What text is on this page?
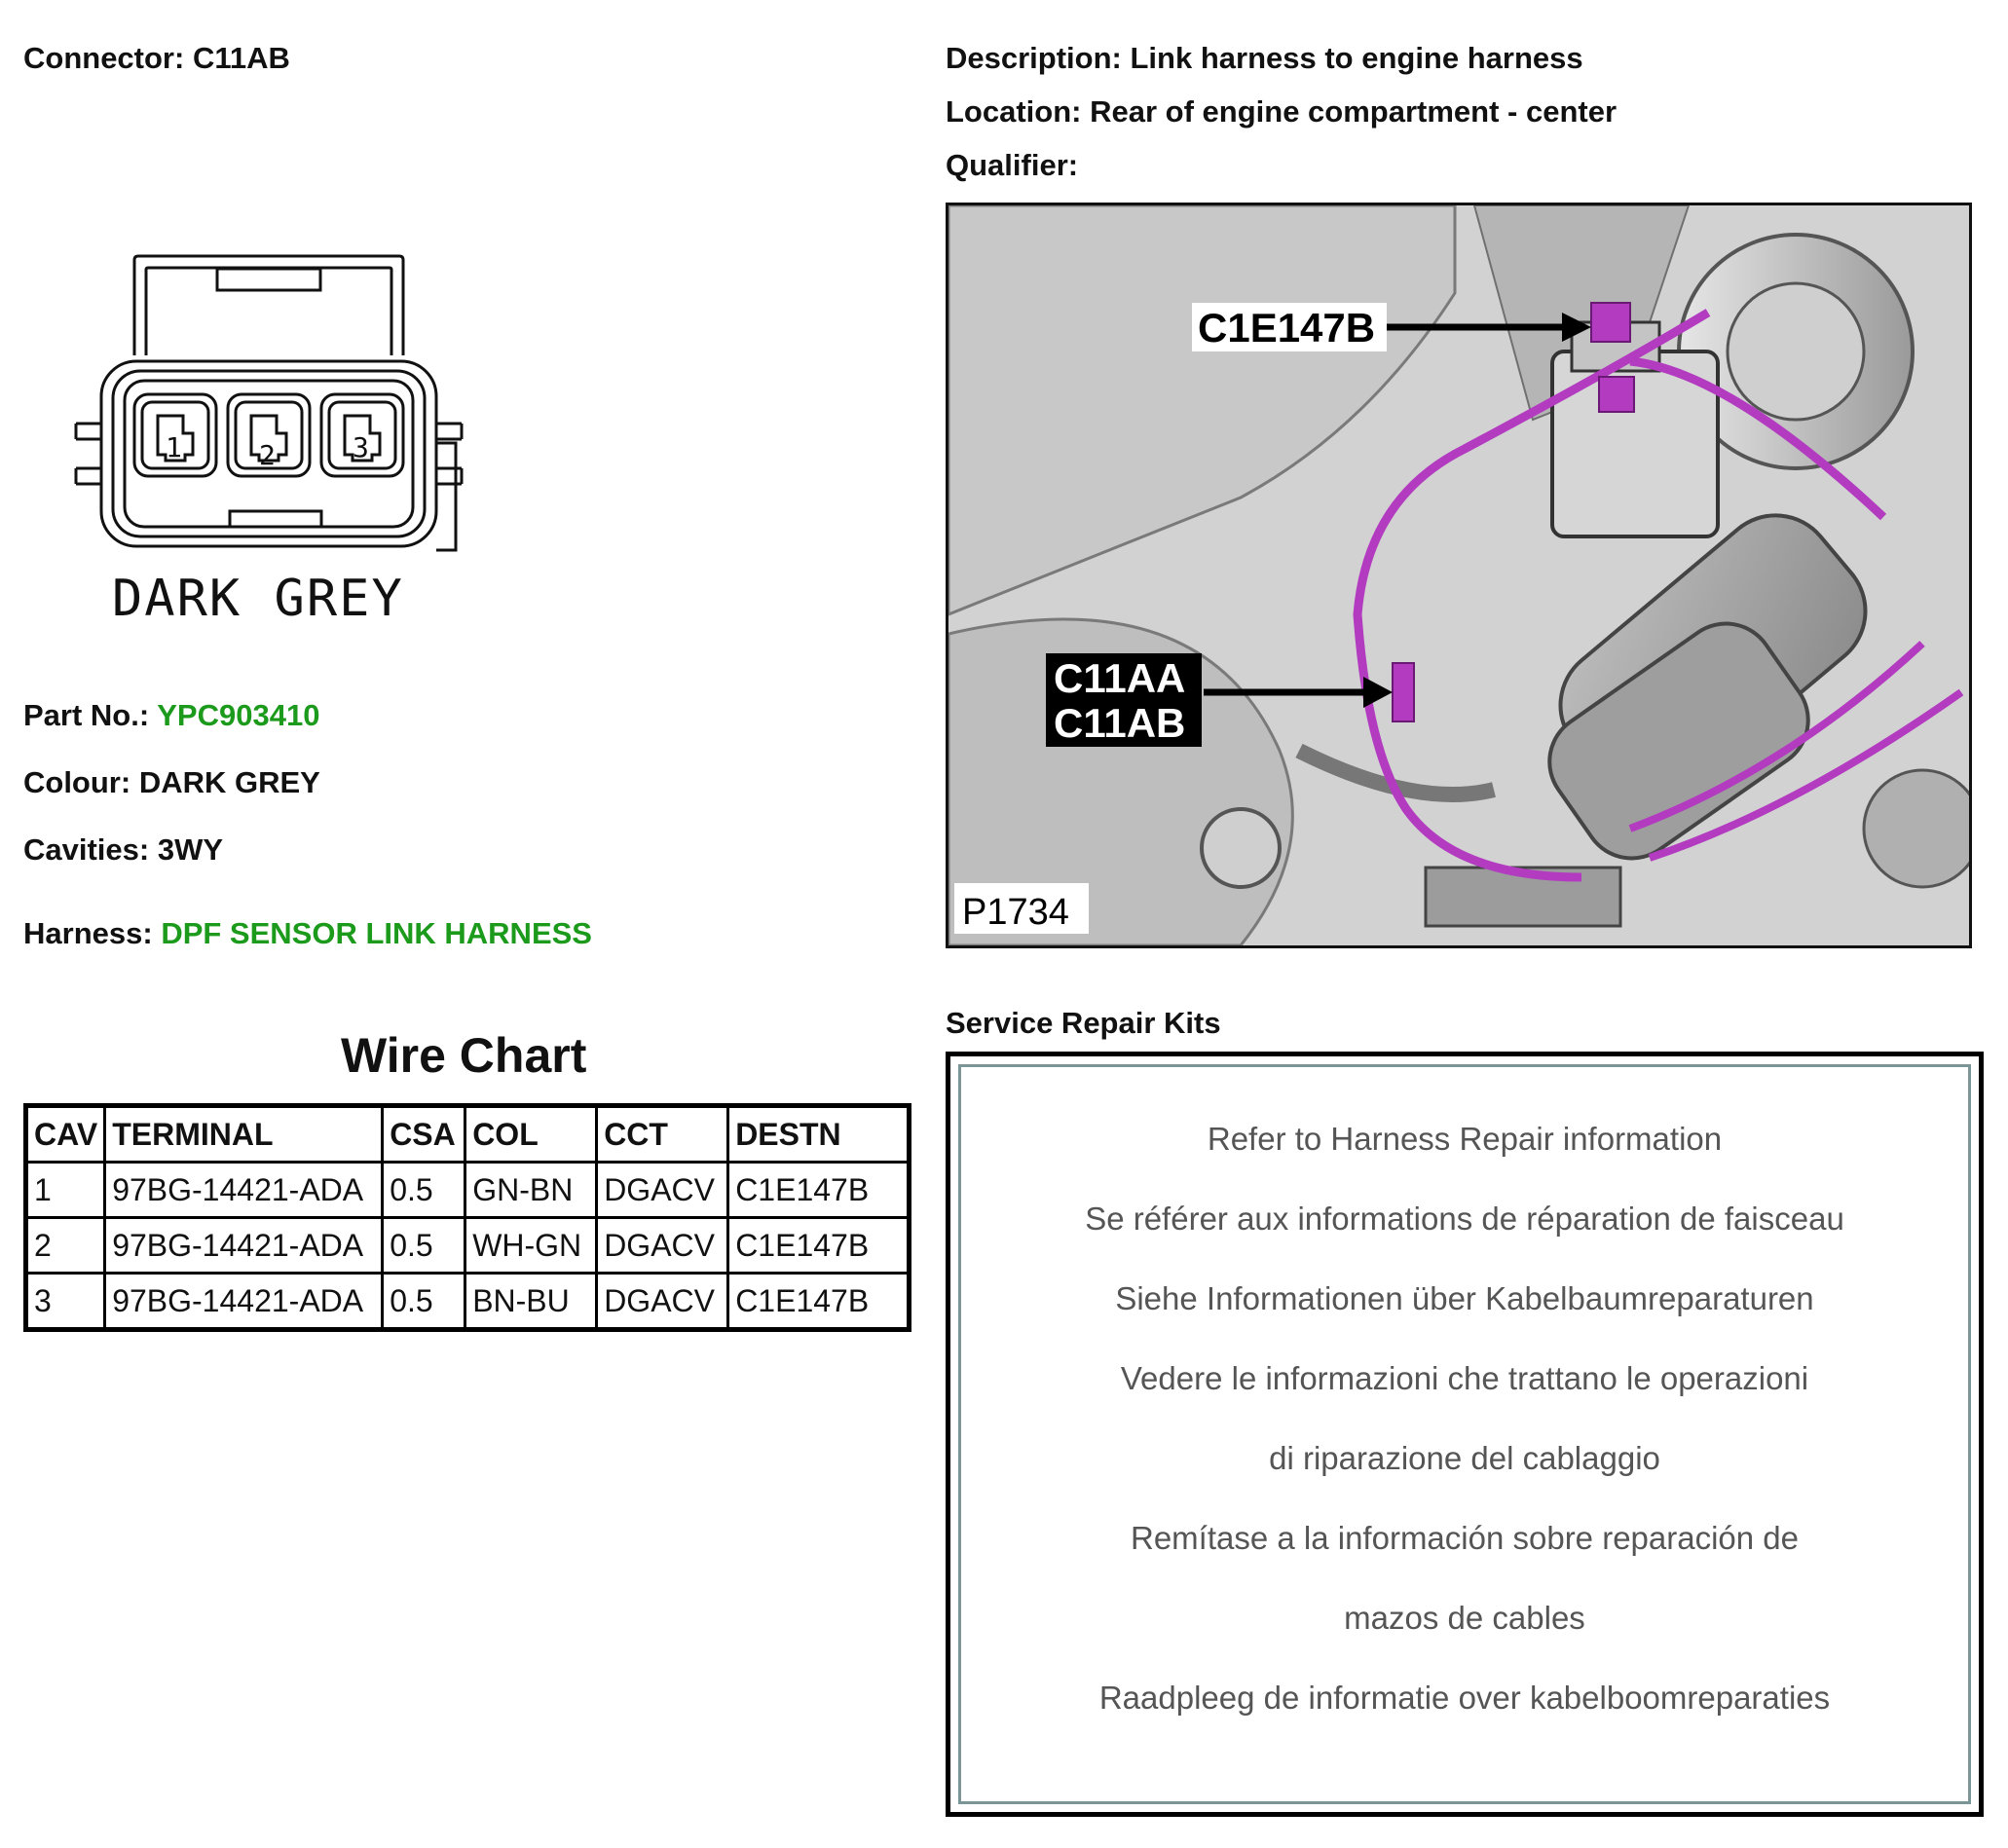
Connector: C11AB	Description: Link harness to engine harness
Location: Rear of engine compartment - center
Qualifier:
1	2	3
DARK GREY
Part No.: YPC903410
Colour: DARK GREY
Cavities: 3WY
Harness: DPF SENSOR LINK HARNESS
Wire Chart
CAV	TERMINAL	CSA	COL	CCT	DESTN
1	97BG-14421-ADA	0.5	GN-BN	DGACV	C1E147B
2	97BG-14421-ADA	0.5	WH-GN	DGACV	C1E147B
3	97BG-14421-ADA	0.5	BN-BU	DGACV	C1E147B
C1E147B
C11AA
C11AB
P1734
Service Repair Kits
Refer to Harness Repair information
Se référer aux informations de réparation de faisceau
Siehe Informationen über Kabelbaumreparaturen
Vedere le informazioni che trattano le operazioni
di riparazione del cablaggio
Remítase a la información sobre reparación de
mazos de cables
Raadpleeg de informatie over kabelboomreparaties
